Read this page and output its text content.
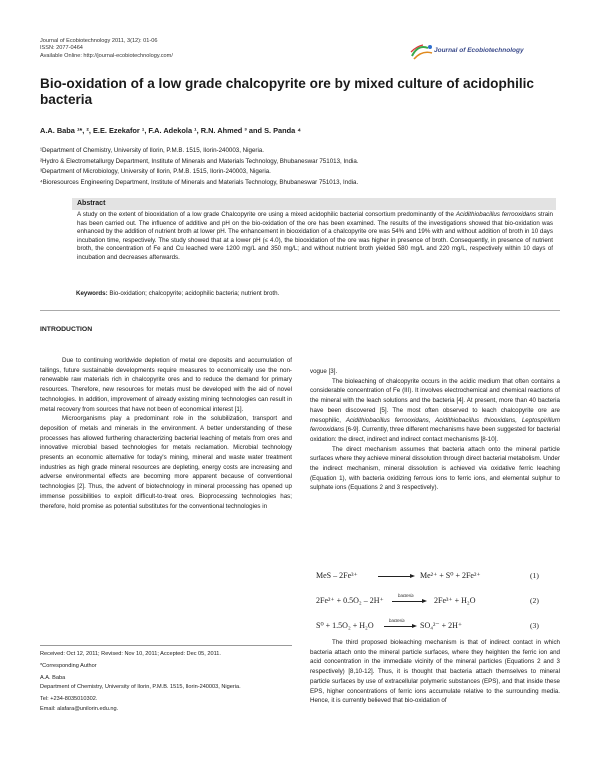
Journal of Ecobiotechnology 2011, 3(12): 01-06
ISSN: 2077-0464
Available Online: http://journal-ecobiotechnology.com/
Journal of Ecobiotechnology
Bio-oxidation of a low grade chalcopyrite ore by mixed culture of acidophilic bacteria
A.A. Baba ¹*, ², E.E. Ezekafor ¹, F.A. Adekola ¹, R.N. Ahmed ³ and S. Panda ⁴
¹Department of Chemistry, University of Ilorin, P.M.B. 1515, Ilorin-240003, Nigeria.
²Hydro & Electrometallurgy Department, Institute of Minerals and Materials Technology, Bhubaneswar 751013, India.
³Department of Microbiology, University of Ilorin, P.M.B. 1515, Ilorin-240003, Nigeria.
⁴Bioresources Engineering Department, Institute of Minerals and Materials Technology, Bhubaneswar 751013, India.
Abstract
A study on the extent of biooxidation of a low grade Chalcopyrite ore using a mixed acidophilic bacterial consortium predominantly of the Acidithiobacillus ferrooxidans strain has been carried out. The influence of additive and pH on the bio-oxidation of the ore has been examined. The results of the investigations showed that bio-oxidation was enhanced by the addition of nutrient broth at lower pH. The enhancement in biooxidation of a chalcopyrite ore was 54% and 19% with and without addition of broth in 10 days incubation time, respectively. The study showed that at a lower pH (≤ 4.0), the biooxidation of the ore was higher in presence of broth. Consequently, in presence of nutrient broth, the concentration of Fe and Cu leached were 1200 mg/L and 350 mg/L; and without nutrient broth yielded 580 mg/L and 220 mg/L, respectively within 10 days of incubation and decreases afterwards.
Keywords: Bio-oxidation; chalcopyrite; acidophilic bacteria; nutrient broth.
INTRODUCTION

Due to continuing worldwide depletion of metal ore deposits and accumulation of tailings, future sustainable developments require measures to economically use the non-renewable raw materials rich in chalcopyrite ores and to reduce the demand for primary resources. Therefore, new resources for metals must be developed with the aid of novel technologies. In addition, improvement of already existing mining technologies can result in metal recovery from sources that have not been of economical interest [1].

Microorganisms play a predominant role in the solubilization, transport and deposition of metals and minerals in the environment. A better understanding of these processes has allowed furthering characterizing bacterial leaching of metals from ores and innovative microbial based technologies for metals reclamation. Microbial technology presents an economic alternative for today's mining, mineral and waste water treatment industries as high grade mineral resources are depleting, energy costs are increasing and adverse environmental effects are becoming more apparent because of conventional technologies [2]. Thus, the advent of biotechnology in mineral processing has opened up immense possibilities to exploit difficult-to-treat ores. Bioprocessing technologies has; therefore, hold promise as potential substitutes for the conventional technologies in

Received: Oct 12, 2011; Revised: Nov 10, 2011; Accepted: Dec 05, 2011.
*Corresponding Author
A.A. Baba
Department of Chemistry, University of Ilorin, P.M.B. 1515, Ilorin-240003, Nigeria.
Tel: +234-8035010302.
Email: alafara@unilorin.edu.ng.
vogue [3].

The bioleaching of chalcopyrite occurs in the acidic medium that often contains a considerable concentration of Fe (III). It involves electrochemical and chemical reactions of the mineral with the leach solutions and the bacteria [4]. At present, more than 40 bacteria have been discovered [5]. The most often observed to leach chalcopyrite ore are mesophilic, Acidithiobacillus ferrooxidans, Acidithiobacillus thiooxidans, Leptospirillum ferrooxidans [6-9]. Currently, three different mechanisms have been suggested for bacterial oxidation: the direct, indirect and indirect contact mechanisms [8-10].

The direct mechanism assumes that bacteria attach onto the mineral particle surfaces where they achieve mineral dissolution through direct bacterial metabolism. Under the indirect mechanism, mineral dissolution is achieved via oxidative ferric leaching (Equation 1), with bacteria oxidizing ferrous ions to ferric ions, and elemental sulphur to sulphate ions (Equations 2 and 3 respectively).

MeS – 2Fe³⁺	Me²⁺ + S⁰ + 2Fe²⁺	(1)
2Fe²⁺ + 0.5O₂ – 2H⁺
bacteria
2Fe³⁺ + H₂O	(2)
S⁰ + 1.5O₂ + H₂O
bacteria
SO₄²⁻ + 2H⁺	(3)

The third proposed bioleaching mechanism is that of indirect contact in which bacteria attach onto the mineral particle surfaces, where they heighten the ferric ion and acid concentration in the immediate vicinity of the mineral particles (Equations 2 and 3 respectively) [8,10-12]. Thus, it is thought that bacteria attach themselves to mineral particle surfaces by use of extracellular polymeric substances (EPS), and that inside these EPS, higher concentrations of ferric ions accumulate relative to the surrounding media. Hence, it is currently believed that bio-oxidation of
